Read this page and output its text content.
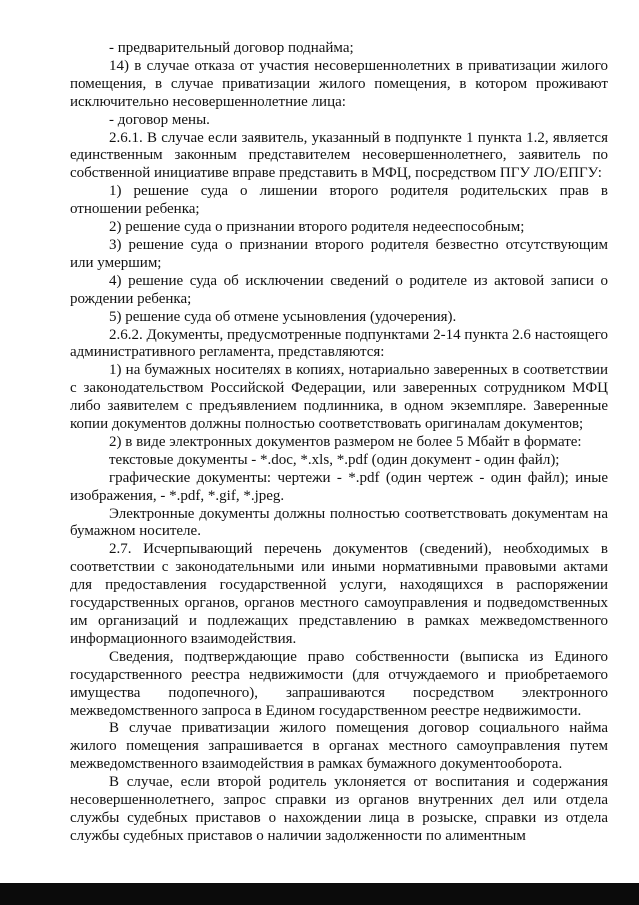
- предварительный договор поднайма;

14) в случае отказа от участия несовершеннолетних в приватизации жилого помещения, в случае приватизации жилого помещения, в котором проживают исключительно несовершеннолетние лица:

- договор мены.

2.6.1. В случае если заявитель, указанный в подпункте 1 пункта 1.2, является единственным законным представителем несовершеннолетнего, заявитель по собственной инициативе вправе представить в МФЦ, посредством ПГУ ЛО/ЕПГУ:

1) решение суда о лишении второго родителя родительских прав в отношении ребенка;

2) решение суда о признании второго родителя недееспособным;

3) решение суда о признании второго родителя безвестно отсутствующим или умершим;

4) решение суда об исключении сведений о родителе из актовой записи о рождении ребенка;

5) решение суда об отмене усыновления (удочерения).

2.6.2. Документы, предусмотренные подпунктами 2-14 пункта 2.6 настоящего административного регламента, представляются:

1) на бумажных носителях в копиях, нотариально заверенных в соответствии с законодательством Российской Федерации, или заверенных сотрудником МФЦ либо заявителем с предъявлением подлинника, в одном экземпляре. Заверенные копии документов должны полностью соответствовать оригиналам документов;

2) в виде электронных документов размером не более 5 Мбайт в формате:

текстовые документы - *.doc, *.xls, *.pdf (один документ - один файл);

графические документы: чертежи - *.pdf (один чертеж - один файл); иные изображения, - *.pdf, *.gif, *.jpeg.

Электронные документы должны полностью соответствовать документам на бумажном носителе.

2.7. Исчерпывающий перечень документов (сведений), необходимых в соответствии с законодательными или иными нормативными правовыми актами для предоставления государственной услуги, находящихся в распоряжении государственных органов, органов местного самоуправления и подведомственных им организаций и подлежащих представлению в рамках межведомственного информационного взаимодействия.

Сведения, подтверждающие право собственности (выписка из Единого государственного реестра недвижимости (для отчуждаемого и приобретаемого имущества подопечного), запрашиваются посредством электронного межведомственного запроса в Едином государственном реестре недвижимости.

В случае приватизации жилого помещения договор социального найма жилого помещения запрашивается в органах местного самоуправления путем межведомственного взаимодействия в рамках бумажного документооборота.

В случае, если второй родитель уклоняется от воспитания и содержания несовершеннолетнего, запрос справки из органов внутренних дел или отдела службы судебных приставов о нахождении лица в розыске, справки из отдела службы судебных приставов о наличии задолженности по алиментным
